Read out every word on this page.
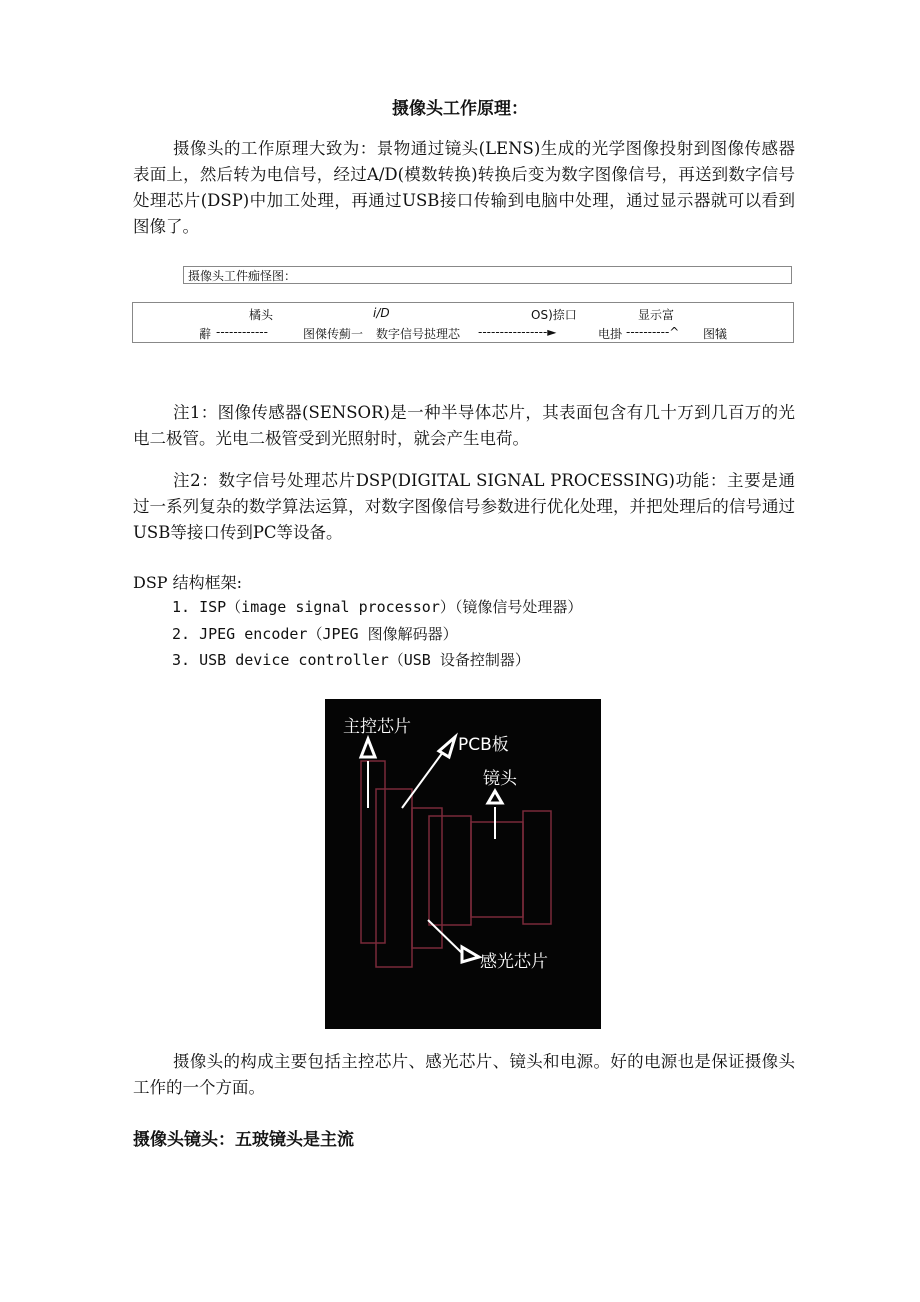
摄像头工作原理：

摄像头的工作原理大致为：景物通过镜头(LENS)生成的光学图像投射到图像传感器表面上，然后转为电信号，经过A/D(模数转换)转换后变为数字图像信号，再送到数字信号处理芯片(DSP)中加工处理，再通过USB接口传输到电脑中处理，通过显示器就可以看到图像了。

摄像头工件痂怪图：
橘头	i/D	OS)捺口	显示富
辭 ------------	图傑传薊一 数字信号挞理芯 ----------------►	电掛 ----------^ 图犠

注1：图像传感器(SENSOR)是一种半导体芯片，其表面包含有几十万到几百万的光电二极管。光电二极管受到光照射时，就会产生电荷。

注2：数字信号处理芯片DSP(DIGITAL SIGNAL PROCESSING)功能：主要是通过一系列复杂的数学算法运算，对数字图像信号参数进行优化处理，并把处理后的信号通过USB等接口传到PC等设备。

DSP 结构框架:
1. ISP（image signal processor）（镜像信号处理器）
2. JPEG encoder（JPEG 图像解码器）
3. USB device controller（USB 设备控制器）
主控芯片
PCB板
镜头
感光芯片

摄像头的构成主要包括主控芯片、感光芯片、镜头和电源。好的电源也是保证摄像头工作的一个方面。

摄像头镜头：五玻镜头是主流
